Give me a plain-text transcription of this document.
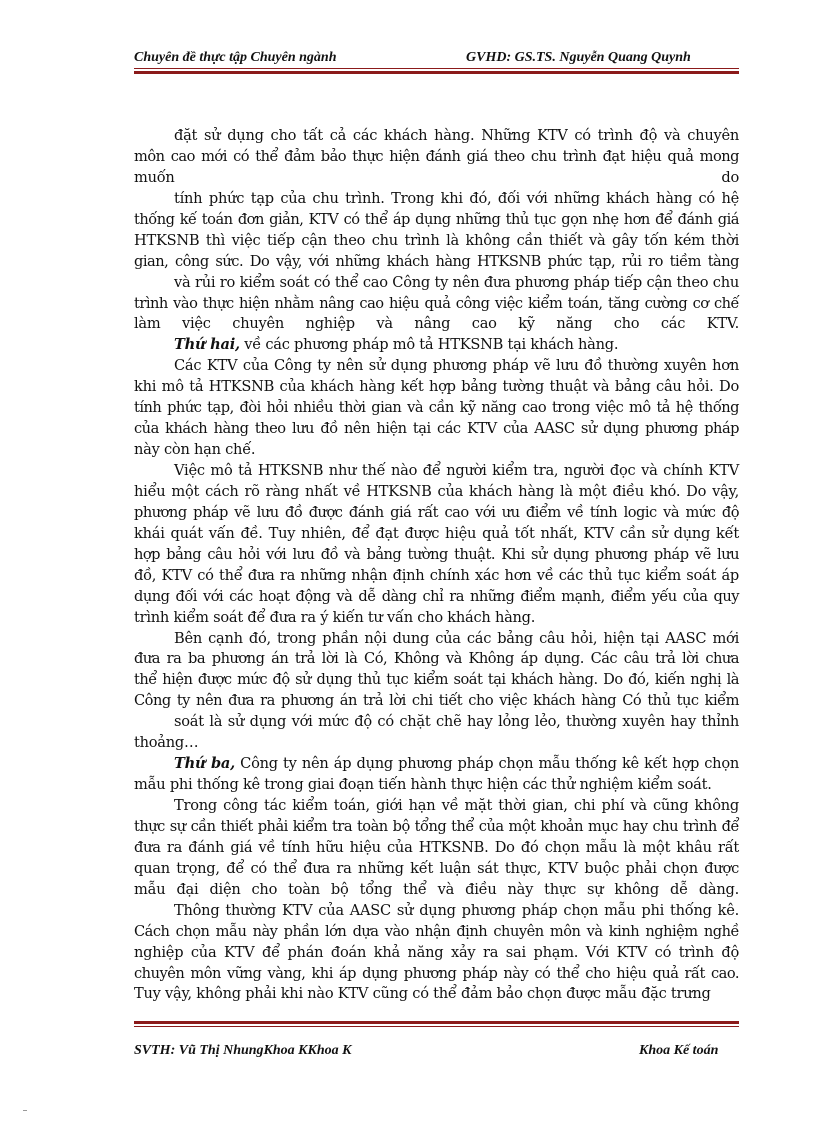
Chuyên đề thực tập Chuyên ngành	GVHD: GS.TS. Nguyễn Quang Quynh
đặt sử dụng cho tất cả các khách hàng. Những KTV có trình độ và chuyên
môn cao mới có thể đảm bảo thực hiện đánh giá theo chu trình đạt hiệu quả mong
muốn	do
tính phức tạp của chu trình. Trong khi đó, đối với những khách hàng có hệ
thống kế toán đơn giản, KTV có thể áp dụng những thủ tục gọn nhẹ hơn để đánh giá
HTKSNB thì việc tiếp cận theo chu trình là không cần thiết và gây tốn kém thời
gian, công sức. Do vậy, với những khách hàng HTKSNB phức tạp, rủi ro tiềm tàng
và rủi ro kiểm soát có thể cao Công ty nên đưa phương pháp tiếp cận theo chu
trình vào thực hiện nhằm nâng cao hiệu quả công việc kiểm toán, tăng cường cơ chế
làm việc chuyên nghiệp và nâng cao kỹ năng cho các KTV.
Thứ hai, về các phương pháp mô tả HTKSNB tại khách hàng.
Các KTV của Công ty nên sử dụng phương pháp vẽ lưu đồ thường xuyên hơn
khi mô tả HTKSNB của khách hàng kết hợp bảng tường thuật và bảng câu hỏi. Do
tính phức tạp, đòi hỏi nhiều thời gian và cần kỹ năng cao trong việc mô tả hệ thống
của khách hàng theo lưu đồ nên hiện tại các KTV của AASC sử dụng phương pháp
này còn hạn chế.
Việc mô tả HTKSNB như thế nào để người kiểm tra, người đọc và chính KTV
hiểu một cách rõ ràng nhất về HTKSNB của khách hàng là một điều khó. Do vậy,
phương pháp vẽ lưu đồ được đánh giá rất cao với ưu điểm về tính logic và mức độ
khái quát vấn đề. Tuy nhiên, để đạt được hiệu quả tốt nhất, KTV cần sử dụng kết
hợp bảng câu hỏi với lưu đồ và bảng tường thuật. Khi sử dụng phương pháp vẽ lưu
đồ, KTV có thể đưa ra những nhận định chính xác hơn về các thủ tục kiểm soát áp
dụng đối với các hoạt động và dễ dàng chỉ ra những điểm mạnh, điểm yếu của quy
trình kiểm soát để đưa ra ý kiến tư vấn cho khách hàng.
Bên cạnh đó, trong phần nội dung của các bảng câu hỏi, hiện tại AASC mới
đưa ra ba phương án trả lời là Có, Không và Không áp dụng. Các câu trả lời chưa
thể hiện được mức độ sử dụng thủ tục kiểm soát tại khách hàng. Do đó, kiến nghị là
Công ty nên đưa ra phương án trả lời chi tiết cho việc khách hàng Có thủ tục kiểm
soát là sử dụng với mức độ có chặt chẽ hay lỏng lẻo, thường xuyên hay thỉnh
thoảng…
Thứ ba, Công ty nên áp dụng phương pháp chọn mẫu thống kê kết hợp chọn
mẫu phi thống kê trong giai đoạn tiến hành thực hiện các thử nghiệm kiểm soát.
Trong công tác kiểm toán, giới hạn về mặt thời gian, chi phí và cũng không
thực sự cần thiết phải kiểm tra toàn bộ tổng thể của một khoản mục hay chu trình để
đưa ra đánh giá về tính hữu hiệu của HTKSNB. Do đó chọn mẫu là một khâu rất
quan trọng, để có thể đưa ra những kết luận sát thực, KTV buộc phải chọn được
mẫu đại diện cho toàn bộ tổng thể và điều này thực sự không dễ dàng.
Thông thường KTV của AASC sử dụng phương pháp chọn mẫu phi thống kê.
Cách chọn mẫu này phần lớn dựa vào nhận định chuyên môn và kinh nghiệm nghề
nghiệp của KTV để phán đoán khả năng xảy ra sai phạm. Với KTV có trình độ
chuyên môn vững vàng, khi áp dụng phương pháp này có thể cho hiệu quả rất cao.
Tuy vậy, không phải khi nào KTV cũng có thể đảm bảo chọn được mẫu đặc trưng
SVTH: Vũ Thị NhungKhoa KKhoa K	Khoa Kế toán
